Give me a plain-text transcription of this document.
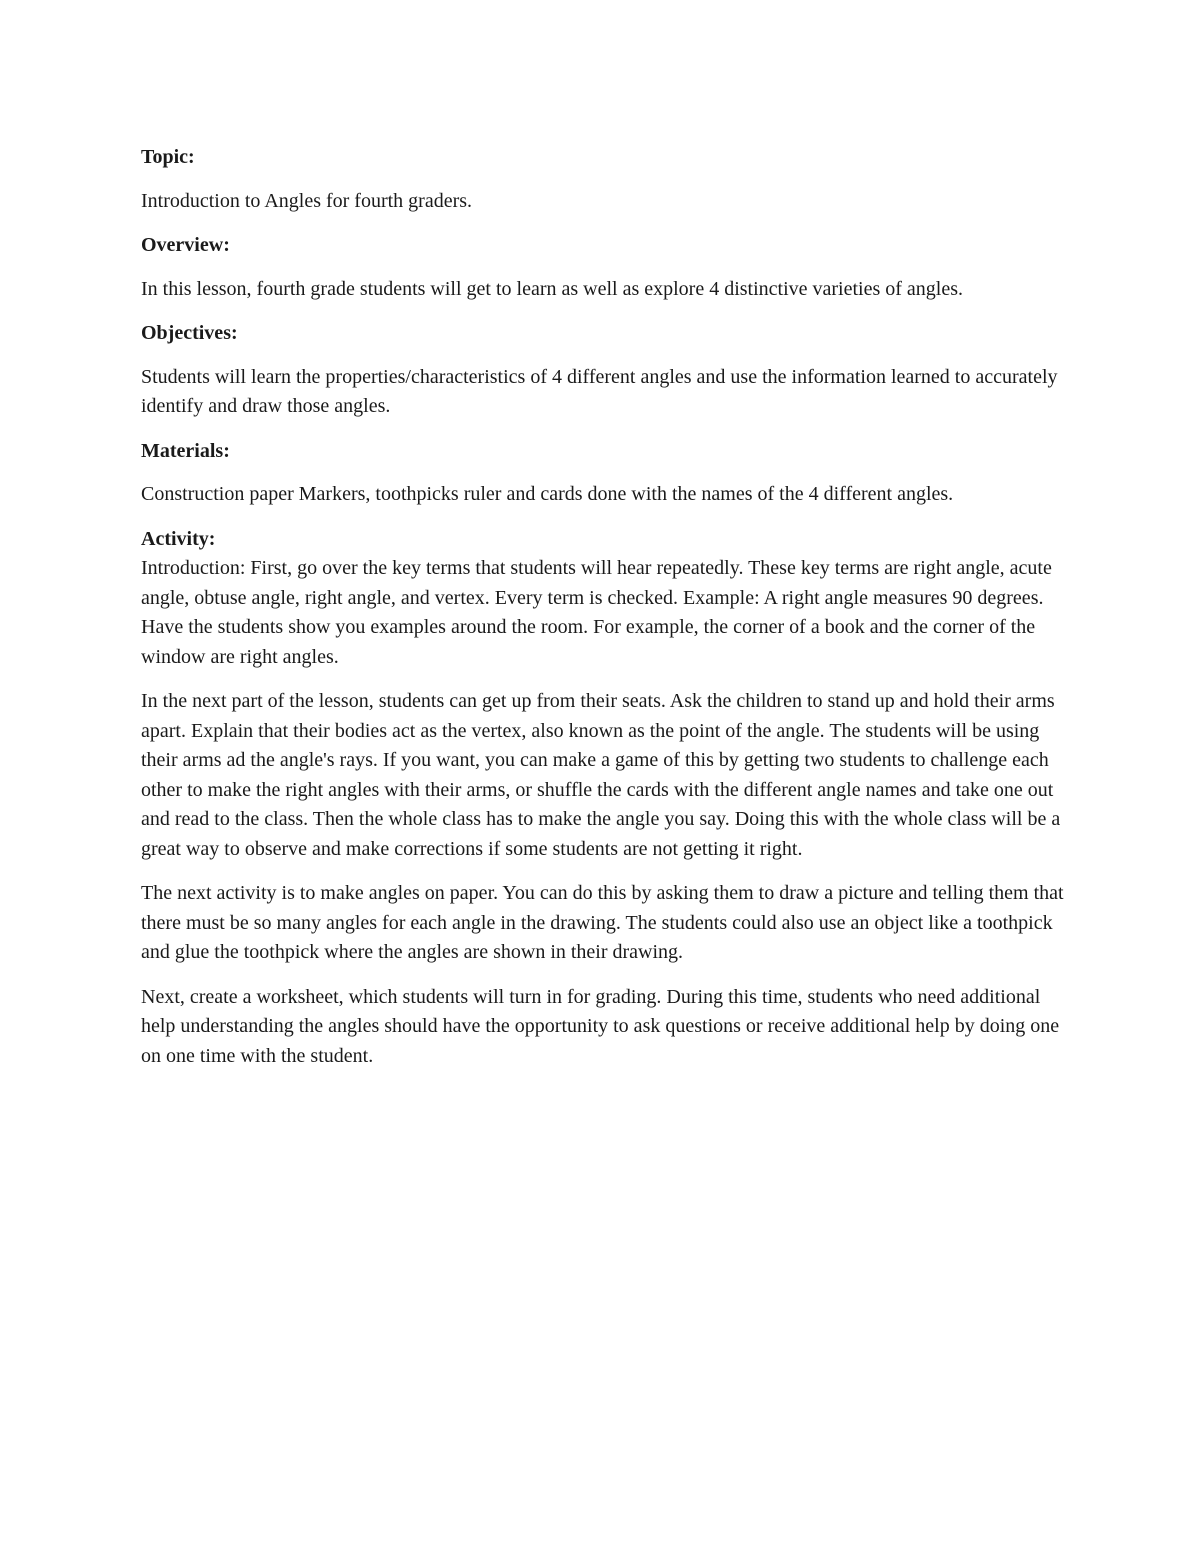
Topic:

Introduction to Angles for fourth graders.

Overview:

In this lesson, fourth grade students will get to learn as well as explore 4 distinctive varieties of angles.

Objectives:

Students will learn the properties/characteristics of 4 different angles and use the information learned to accurately identify and draw those angles.

Materials:

Construction paper Markers, toothpicks ruler and cards done with the names of the 4 different angles.

Activity:

Introduction: First, go over the key terms that students will hear repeatedly. These key terms are right angle, acute angle, obtuse angle, right angle, and vertex. Every term is checked. Example: A right angle measures 90 degrees. Have the students show you examples around the room. For example, the corner of a book and the corner of the window are right angles.

In the next part of the lesson, students can get up from their seats. Ask the children to stand up and hold their arms apart. Explain that their bodies act as the vertex, also known as the point of the angle. The students will be using their arms ad the angle's rays. If you want, you can make a game of this by getting two students to challenge each other to make the right angles with their arms, or shuffle the cards with the different angle names and take one out and read to the class. Then the whole class has to make the angle you say. Doing this with the whole class will be a great way to observe and make corrections if some students are not getting it right.

The next activity is to make angles on paper. You can do this by asking them to draw a picture and telling them that there must be so many angles for each angle in the drawing. The students could also use an object like a toothpick and glue the toothpick where the angles are shown in their drawing.

Next, create a worksheet, which students will turn in for grading. During this time, students who need additional help understanding the angles should have the opportunity to ask questions or receive additional help by doing one on one time with the student.
